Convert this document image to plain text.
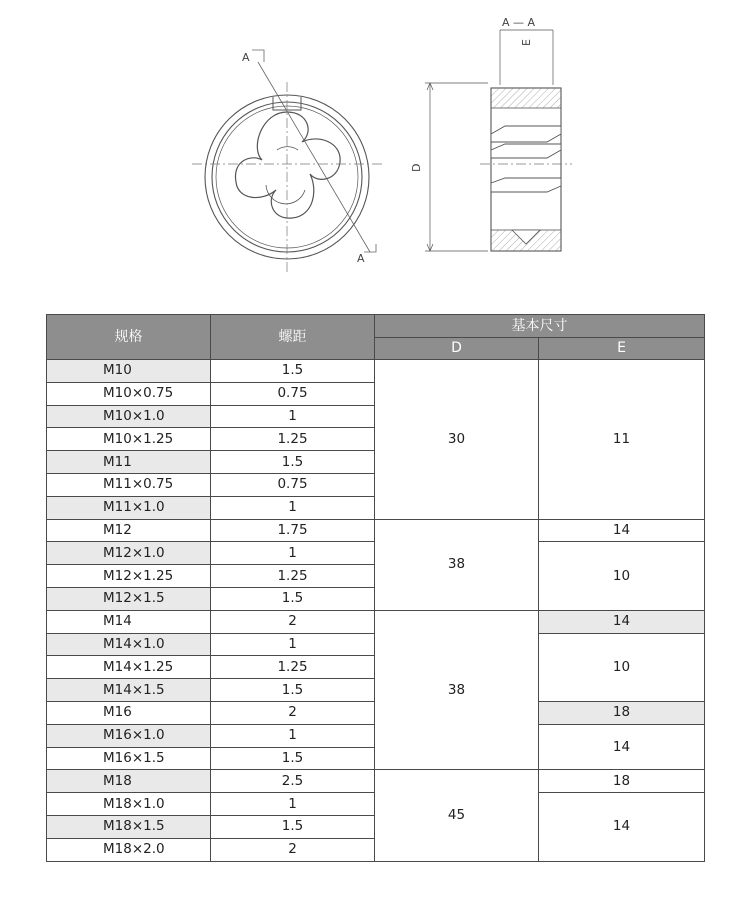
A
A
D
A — A
E
规格	螺距	基本尺寸	
		D	E
M10	1.5	30	11
M10×0.75	0.75		
M10×1.0	1		
M10×1.25	1.25		
M11	1.5		
M11×0.75	0.75		
M11×1.0	1		
M12	1.75	38	14
M12×1.0	1		10
M12×1.25	1.25		
M12×1.5	1.5		
M14	2	38	14
M14×1.0	1		10
M14×1.25	1.25		
M14×1.5	1.5		
M16	2		18
M16×1.0	1		14
M16×1.5	1.5		
M18	2.5	45	18
M18×1.0	1		14
M18×1.5	1.5		
M18×2.0	2		
